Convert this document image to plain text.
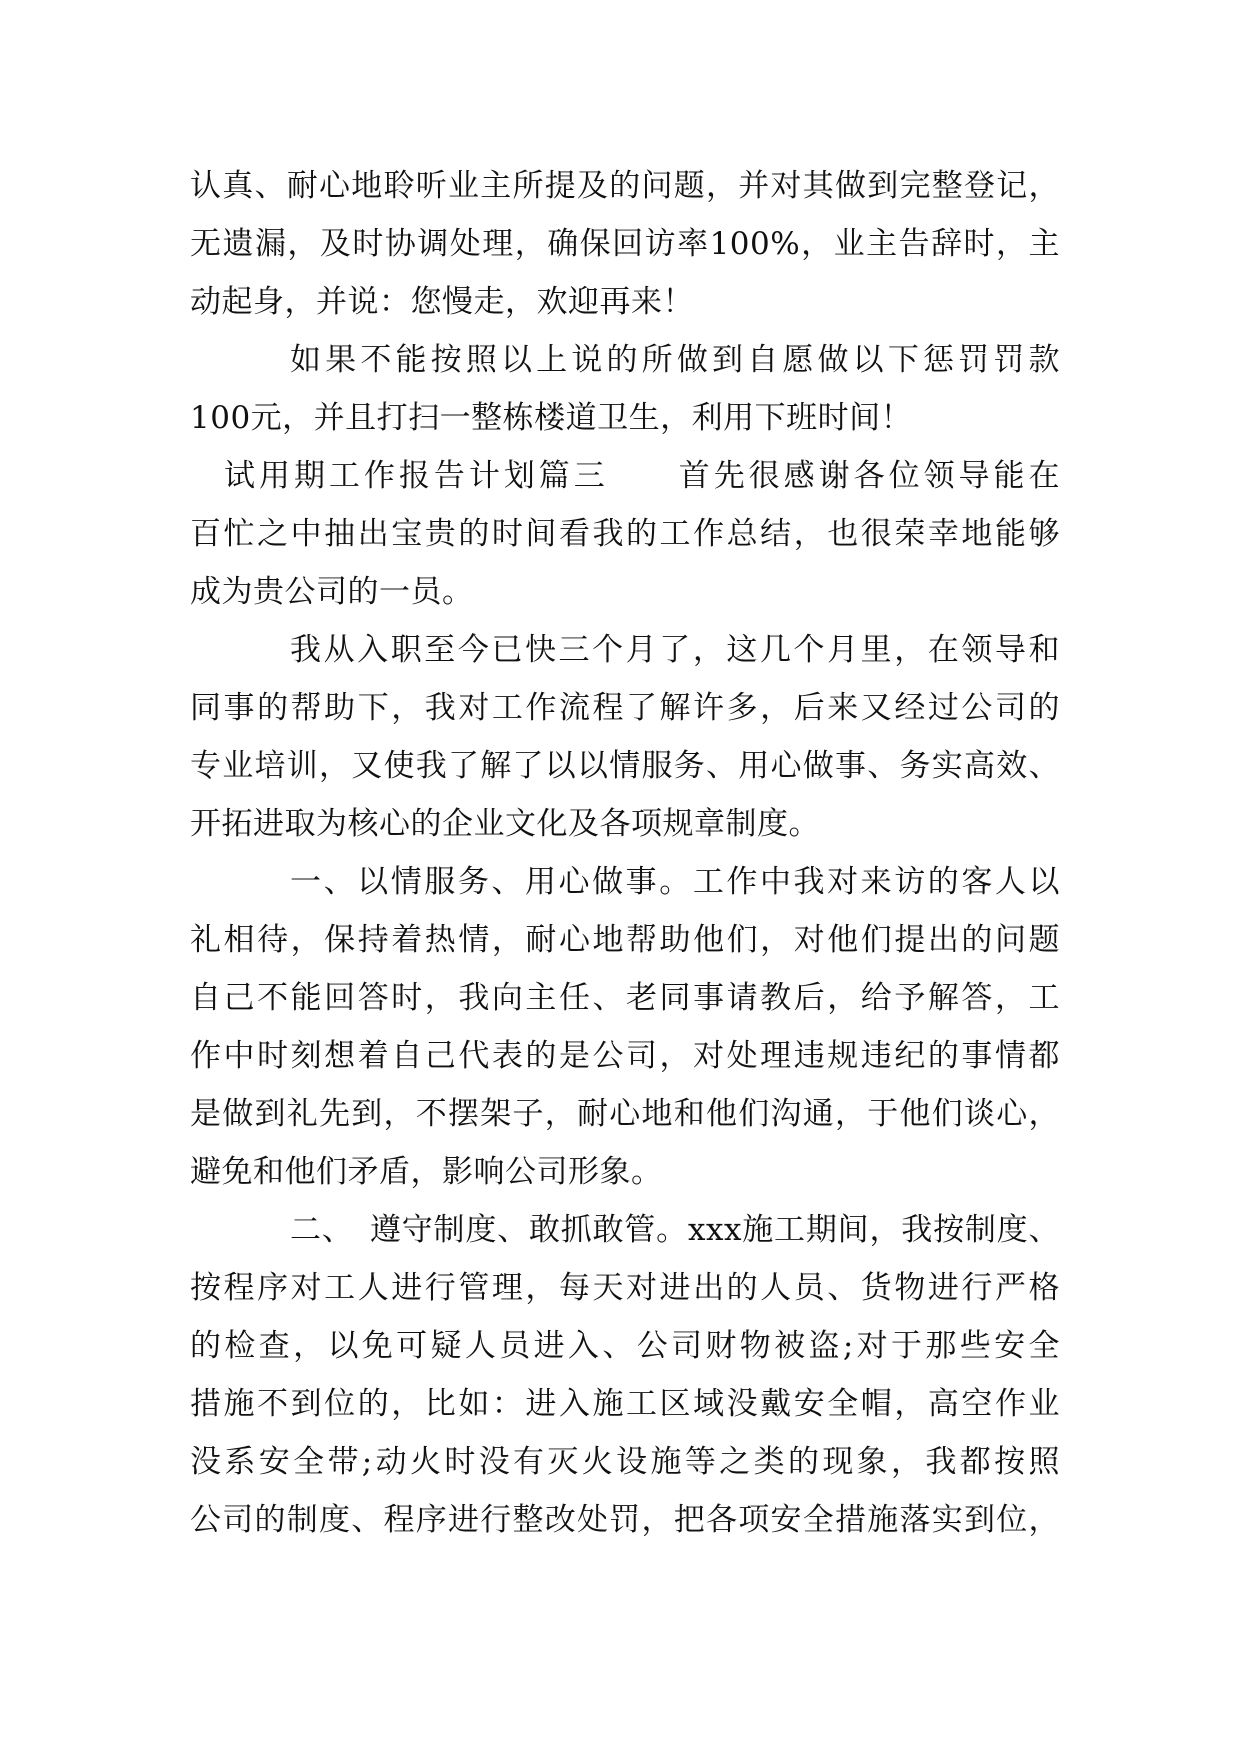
认真、耐心地聆听业主所提及的问题，并对其做到完整登记，
无遗漏，及时协调处理，确保回访率100%，业主告辞时，主
动起身，并说：您慢走，欢迎再来！
如果不能按照以上说的所做到自愿做以下惩罚罚款
100元，并且打扫一整栋楼道卫生，利用下班时间！
试用期工作报告计划篇三　　首先很感谢各位领导能在
百忙之中抽出宝贵的时间看我的工作总结，也很荣幸地能够
成为贵公司的一员。
我从入职至今已快三个月了，这几个月里，在领导和
同事的帮助下，我对工作流程了解许多，后来又经过公司的
专业培训，又使我了解了以以情服务、用心做事、务实高效、
开拓进取为核心的企业文化及各项规章制度。
一、以情服务、用心做事。工作中我对来访的客人以
礼相待，保持着热情，耐心地帮助他们，对他们提出的问题
自己不能回答时，我向主任、老同事请教后，给予解答，工
作中时刻想着自己代表的是公司，对处理违规违纪的事情都
是做到礼先到，不摆架子，耐心地和他们沟通，于他们谈心，
避免和他们矛盾，影响公司形象。
二、　遵守制度、敢抓敢管。xxx施工期间，我按制度、
按程序对工人进行管理，每天对进出的人员、货物进行严格
的检查，以免可疑人员进入、公司财物被盗;对于那些安全
措施不到位的，比如：进入施工区域没戴安全帽，高空作业
没系安全带;动火时没有灭火设施等之类的现象，我都按照
公司的制度、程序进行整改处罚，把各项安全措施落实到位，
